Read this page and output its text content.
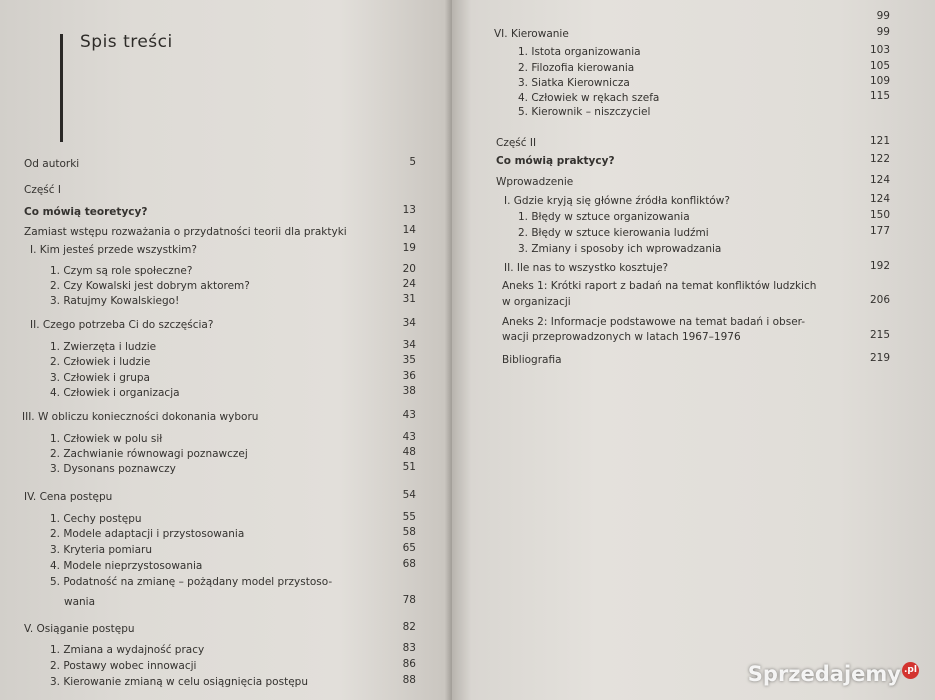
Spis treści
Od autorki	5
Część I
Co mówią teoretycy?	13
Zamiast wstępu rozważania o przydatności teorii dla praktyki	14
I. Kim jesteś przede wszystkim?	19
1. Czym są role społeczne?	20
2. Czy Kowalski jest dobrym aktorem?	24
3. Ratujmy Kowalskiego!	31
II. Czego potrzeba Ci do szczęścia?	34
1. Zwierzęta i ludzie	34
2. Człowiek i ludzie	35
3. Człowiek i grupa	36
4. Człowiek i organizacja	38
III. W obliczu konieczności dokonania wyboru	43
1. Człowiek w polu sił	43
2. Zachwianie równowagi poznawczej	48
3. Dysonans poznawczy	51
IV. Cena postępu	54
1. Cechy postępu	55
2. Modele adaptacji i przystosowania	58
3. Kryteria pomiaru	65
4. Modele nieprzystosowania	68
5. Podatność na zmianę – pożądany model przystoso-
wania	78
V. Osiąganie postępu	82
1. Zmiana a wydajność pracy	83
2. Postawy wobec innowacji	86
3. Kierowanie zmianą w celu osiągnięcia postępu	88
99
VI. Kierowanie	99
1. Istota organizowania	103
2. Filozofia kierowania	105
3. Siatka Kierownicza	109
4. Człowiek w rękach szefa	115
5. Kierownik – niszczyciel
Część II	121
Co mówią praktycy?	122
Wprowadzenie	124
I. Gdzie kryją się główne źródła konfliktów?	124
1. Błędy w sztuce organizowania	150
2. Błędy w sztuce kierowania ludźmi	177
3. Zmiany i sposoby ich wprowadzania
II. Ile nas to wszystko kosztuje?	192
Aneks 1: Krótki raport z badań na temat konfliktów ludzkich
w organizacji	206
Aneks 2: Informacje podstawowe na temat badań i obser-
wacji przeprowadzonych w latach 1967–1976	215
Bibliografia	219
Sprzedajemy .pl
